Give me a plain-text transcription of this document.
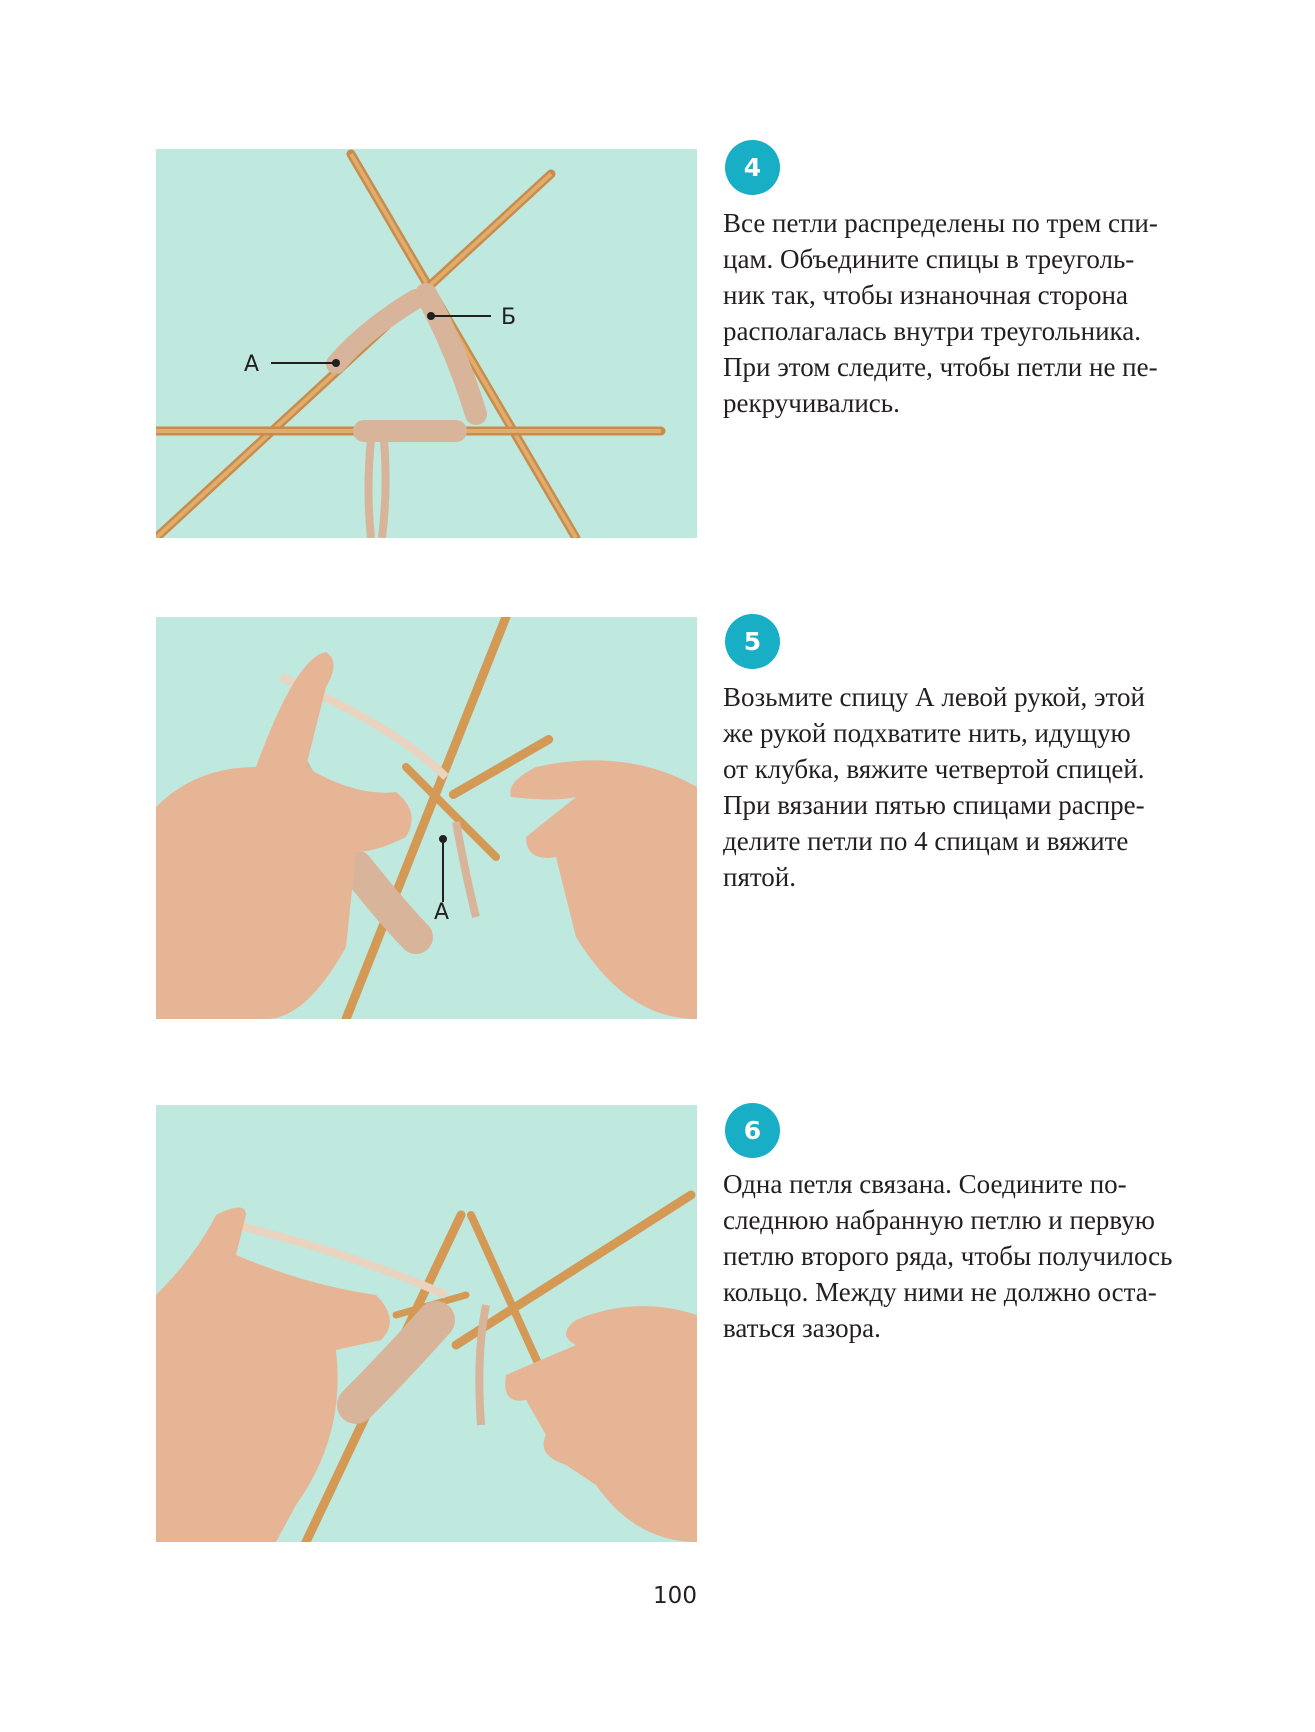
А
Б
4
Все петли распределены по трем спи-
цам. Объедините спицы в треуголь-
ник так, чтобы изнаночная сторона
располагалась внутри треугольника.
При этом следите, чтобы петли не пе-
рекручивались.
А
5
Возьмите спицу А левой рукой, этой
же рукой подхватите нить, идущую
от клубка, вяжите четвертой спицей.
При вязании пятью спицами распре-
делите петли по 4 спицам и вяжите
пятой.
6
Одна петля связана. Соедините по-
следнюю набранную петлю и первую
петлю второго ряда, чтобы получилось
кольцо. Между ними не должно оста-
ваться зазора.
100
